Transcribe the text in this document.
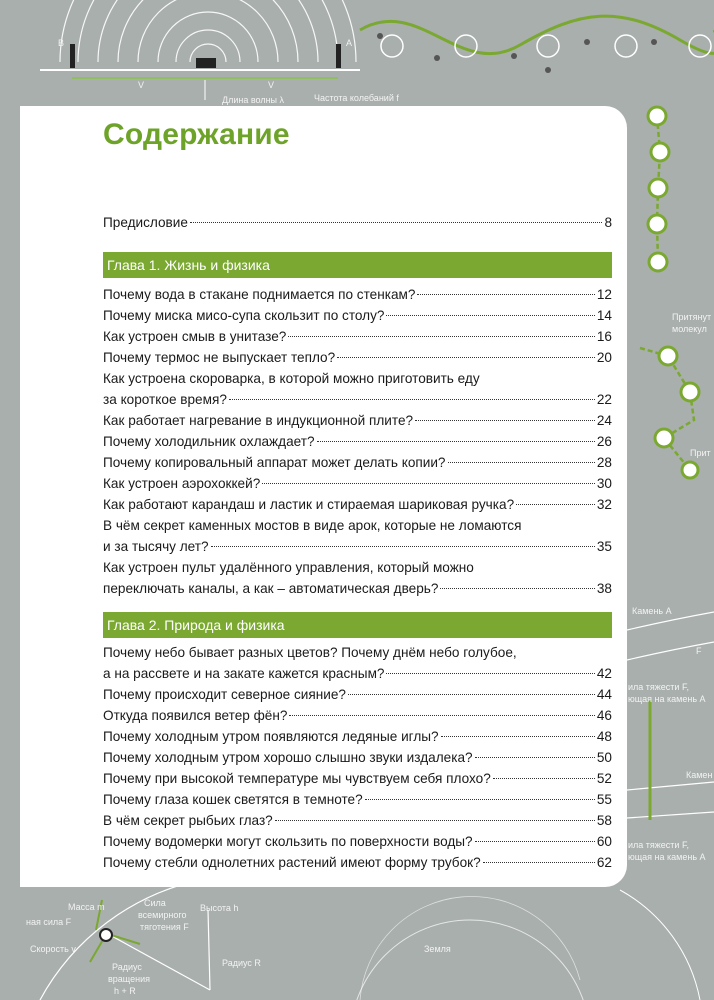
B	A
V	V
Длина волны λ	Частота колебаний f
Притянут
молекул
Прит
Камень А
F
ила тяжести F,
ющая на камень А
Камен
ила тяжести F,
ющая на камень А
Масса m
ная сила F
Скорость v
Сила
всемирного
тяготения F
Высота h
Радиус R
Радиус
вращения
h + R
Земля
Содержание
Предисловие	8
Глава 1. Жизнь и физика
Почему вода в стакане поднимается по стенкам?	12
Почему миска мисо-супа скользит по столу?	14
Как устроен смыв в унитазе?	16
Почему термос не выпускает тепло?	20
Как устроена скороварка, в которой можно приготовить еду
за короткое время?	22
Как работает нагревание в индукционной плите?	24
Почему холодильник охлаждает?	26
Почему копировальный аппарат может делать копии?	28
Как устроен аэрохоккей?	30
Как работают карандаш и ластик и стираемая шариковая ручка?	32
В чём секрет каменных мостов в виде арок, которые не ломаются
и за тысячу лет?	35
Как устроен пульт удалённого управления, который можно
переключать каналы, а как – автоматическая дверь?	38
Глава 2. Природа и физика
Почему небо бывает разных цветов? Почему днём небо голубое,
а на рассвете и на закате кажется красным?	42
Почему происходит северное сияние?	44
Откуда появился ветер фён?	46
Почему холодным утром появляются ледяные иглы?	48
Почему холодным утром хорошо слышно звуки издалека?	50
Почему при высокой температуре мы чувствуем себя плохо?	52
Почему глаза кошек светятся в темноте?	55
В чём секрет рыбьих глаз?	58
Почему водомерки могут скользить по поверхности воды?	60
Почему стебли однолетних растений имеют форму трубок?	62
